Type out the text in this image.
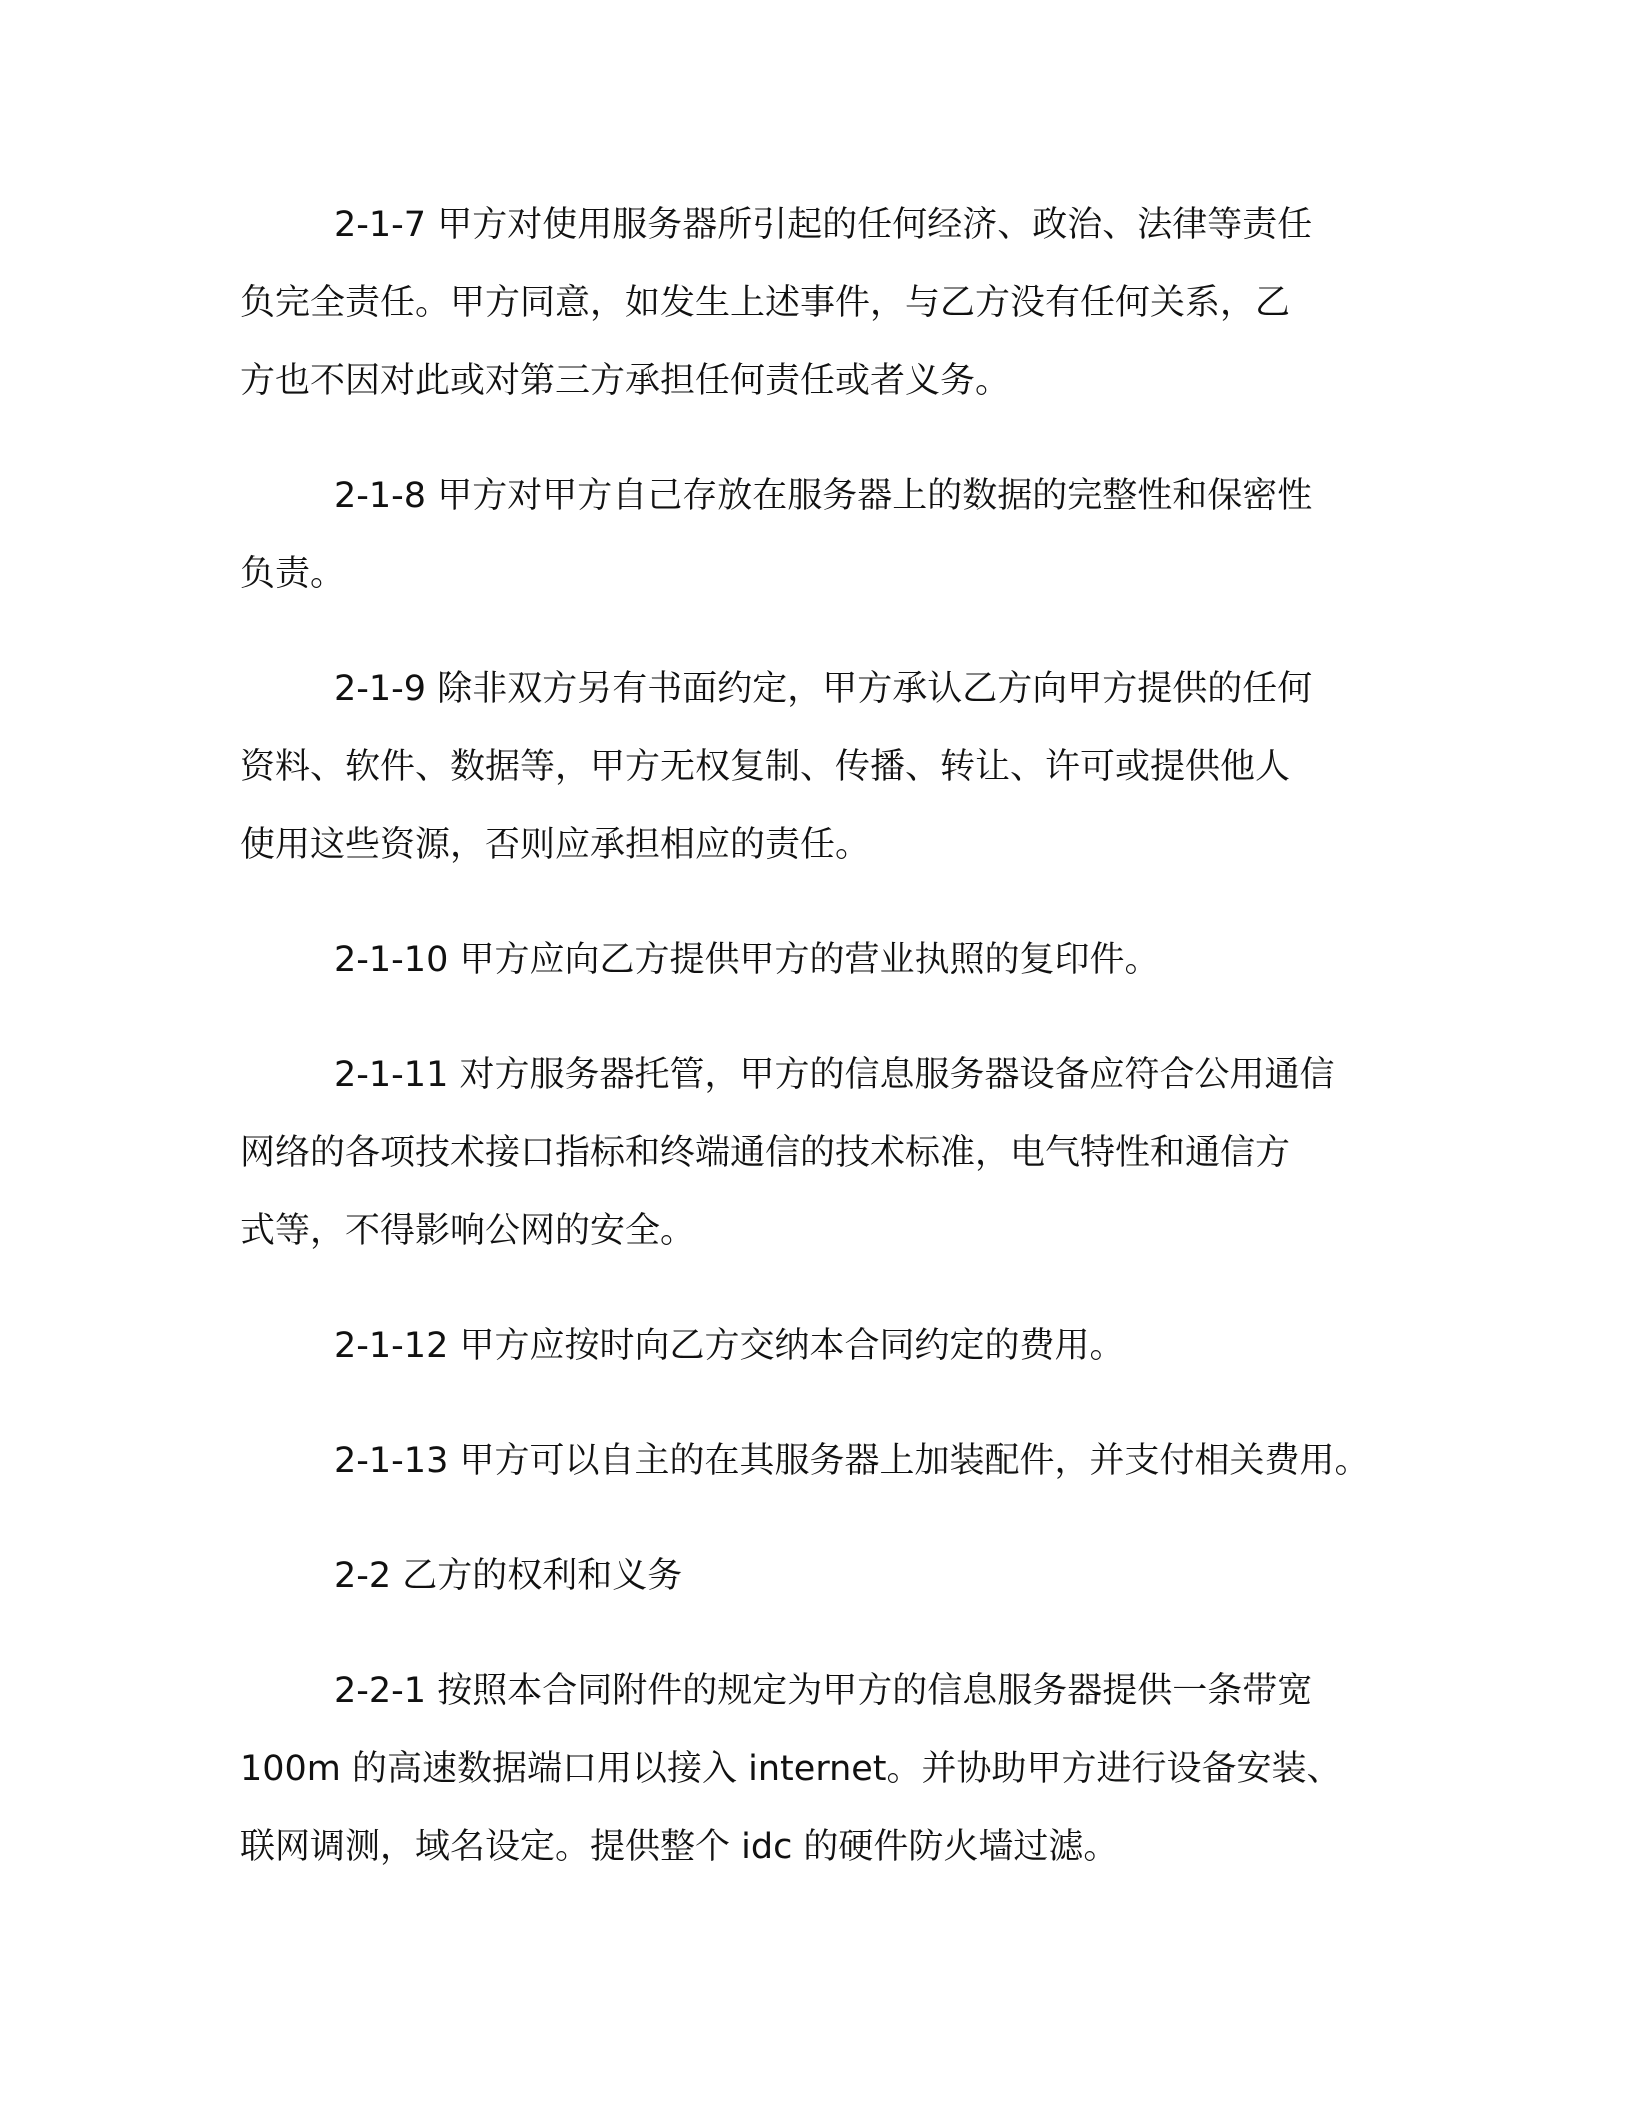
2-1-7 甲方对使用服务器所引起的任何经济、政治、法律等责任
负完全责任。甲方同意，如发生上述事件，与乙方没有任何关系，乙
方也不因对此或对第三方承担任何责任或者义务。

2-1-8 甲方对甲方自己存放在服务器上的数据的完整性和保密性
负责。

2-1-9 除非双方另有书面约定，甲方承认乙方向甲方提供的任何
资料、软件、数据等，甲方无权复制、传播、转让、许可或提供他人
使用这些资源，否则应承担相应的责任。

2-1-10 甲方应向乙方提供甲方的营业执照的复印件。

2-1-11 对方服务器托管，甲方的信息服务器设备应符合公用通信
网络的各项技术接口指标和终端通信的技术标准，电气特性和通信方
式等，不得影响公网的安全。

2-1-12 甲方应按时向乙方交纳本合同约定的费用。

2-1-13 甲方可以自主的在其服务器上加装配件，并支付相关费用。

2-2 乙方的权利和义务

2-2-1 按照本合同附件的规定为甲方的信息服务器提供一条带宽
100m 的高速数据端口用以接入 internet。并协助甲方进行设备安装、
联网调测，域名设定。提供整个 idc 的硬件防火墙过滤。
